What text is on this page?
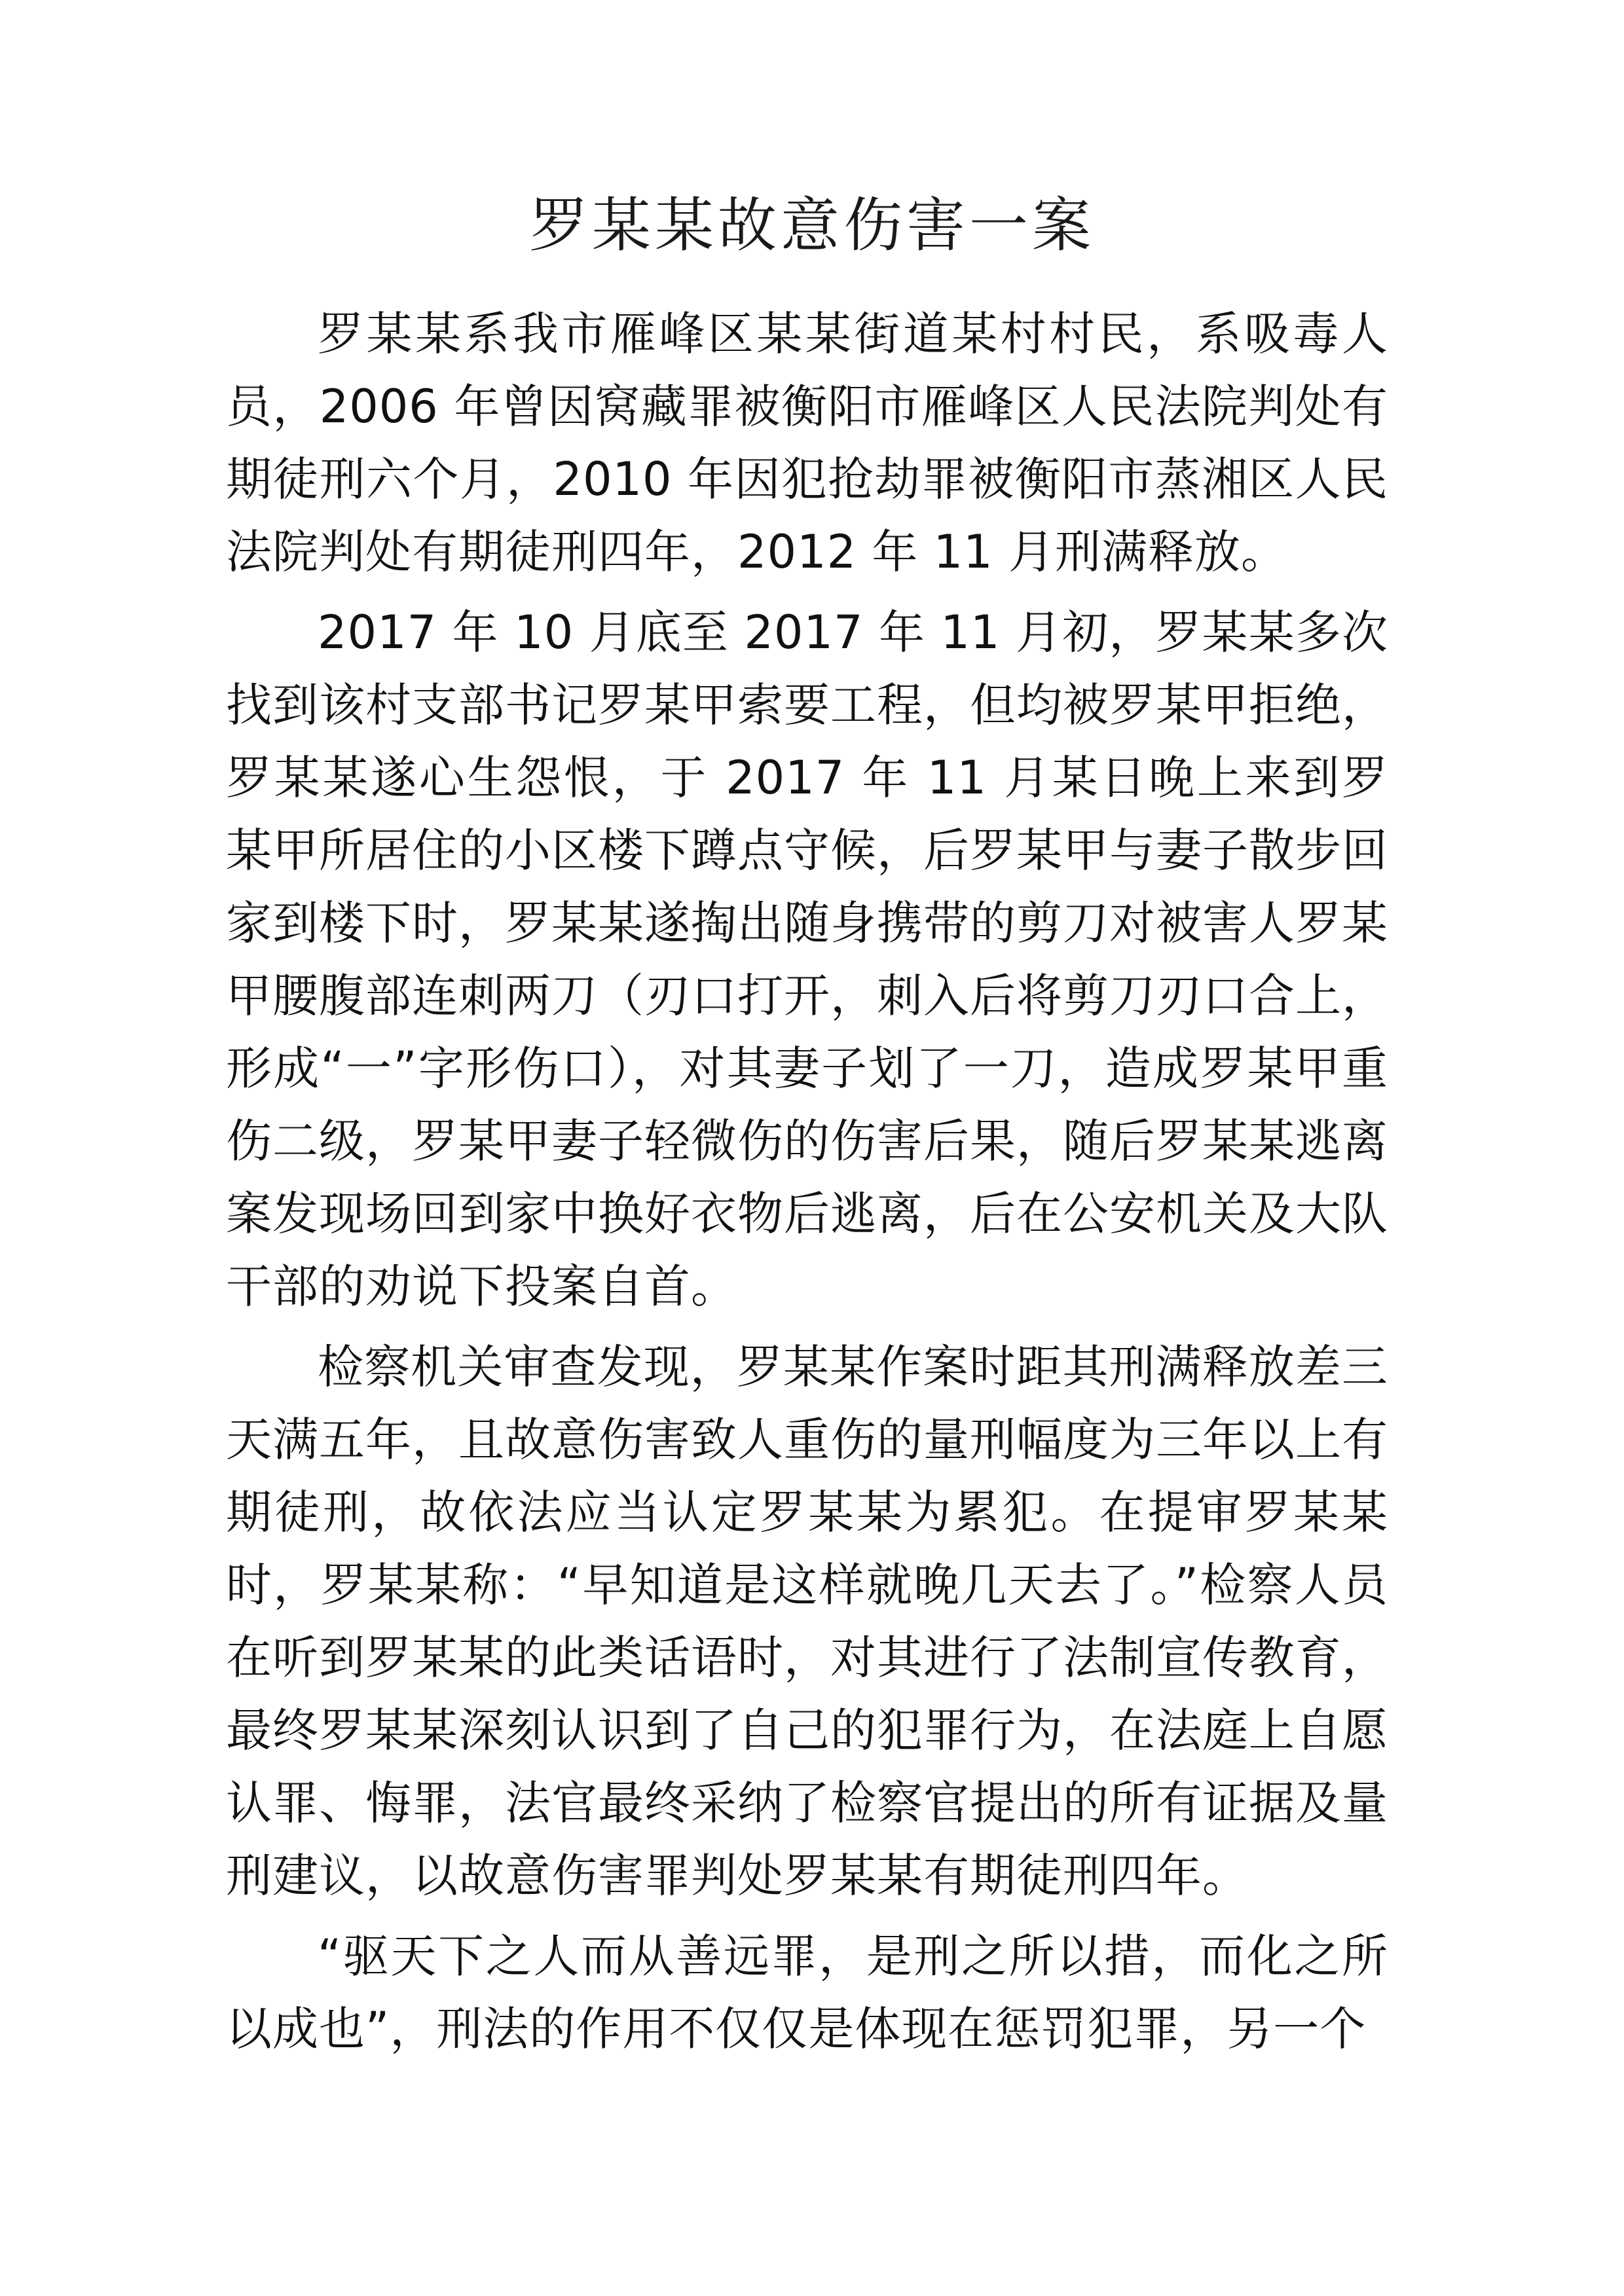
罗某某故意伤害一案

罗某某系我市雁峰区某某街道某村村民，系吸毒人员，2006 年曾因窝藏罪被衡阳市雁峰区人民法院判处有期徒刑六个月，2010 年因犯抢劫罪被衡阳市蒸湘区人民法院判处有期徒刑四年，2012 年 11 月刑满释放。

2017 年 10 月底至 2017 年 11 月初，罗某某多次找到该村支部书记罗某甲索要工程，但均被罗某甲拒绝，罗某某遂心生怨恨，于 2017 年 11 月某日晚上来到罗某甲所居住的小区楼下蹲点守候，后罗某甲与妻子散步回家到楼下时，罗某某遂掏出随身携带的剪刀对被害人罗某甲腰腹部连刺两刀（刃口打开，刺入后将剪刀刃口合上，形成“一”字形伤口），对其妻子划了一刀，造成罗某甲重伤二级，罗某甲妻子轻微伤的伤害后果，随后罗某某逃离案发现场回到家中换好衣物后逃离，后在公安机关及大队干部的劝说下投案自首。

检察机关审查发现，罗某某作案时距其刑满释放差三天满五年，且故意伤害致人重伤的量刑幅度为三年以上有期徒刑，故依法应当认定罗某某为累犯。在提审罗某某时，罗某某称：“早知道是这样就晚几天去了。”检察人员在听到罗某某的此类话语时，对其进行了法制宣传教育，最终罗某某深刻认识到了自己的犯罪行为，在法庭上自愿认罪、悔罪，法官最终采纳了检察官提出的所有证据及量刑建议，以故意伤害罪判处罗某某有期徒刑四年。

“驱天下之人而从善远罪，是刑之所以措，而化之所以成也”，刑法的作用不仅仅是体现在惩罚犯罪，另一个
